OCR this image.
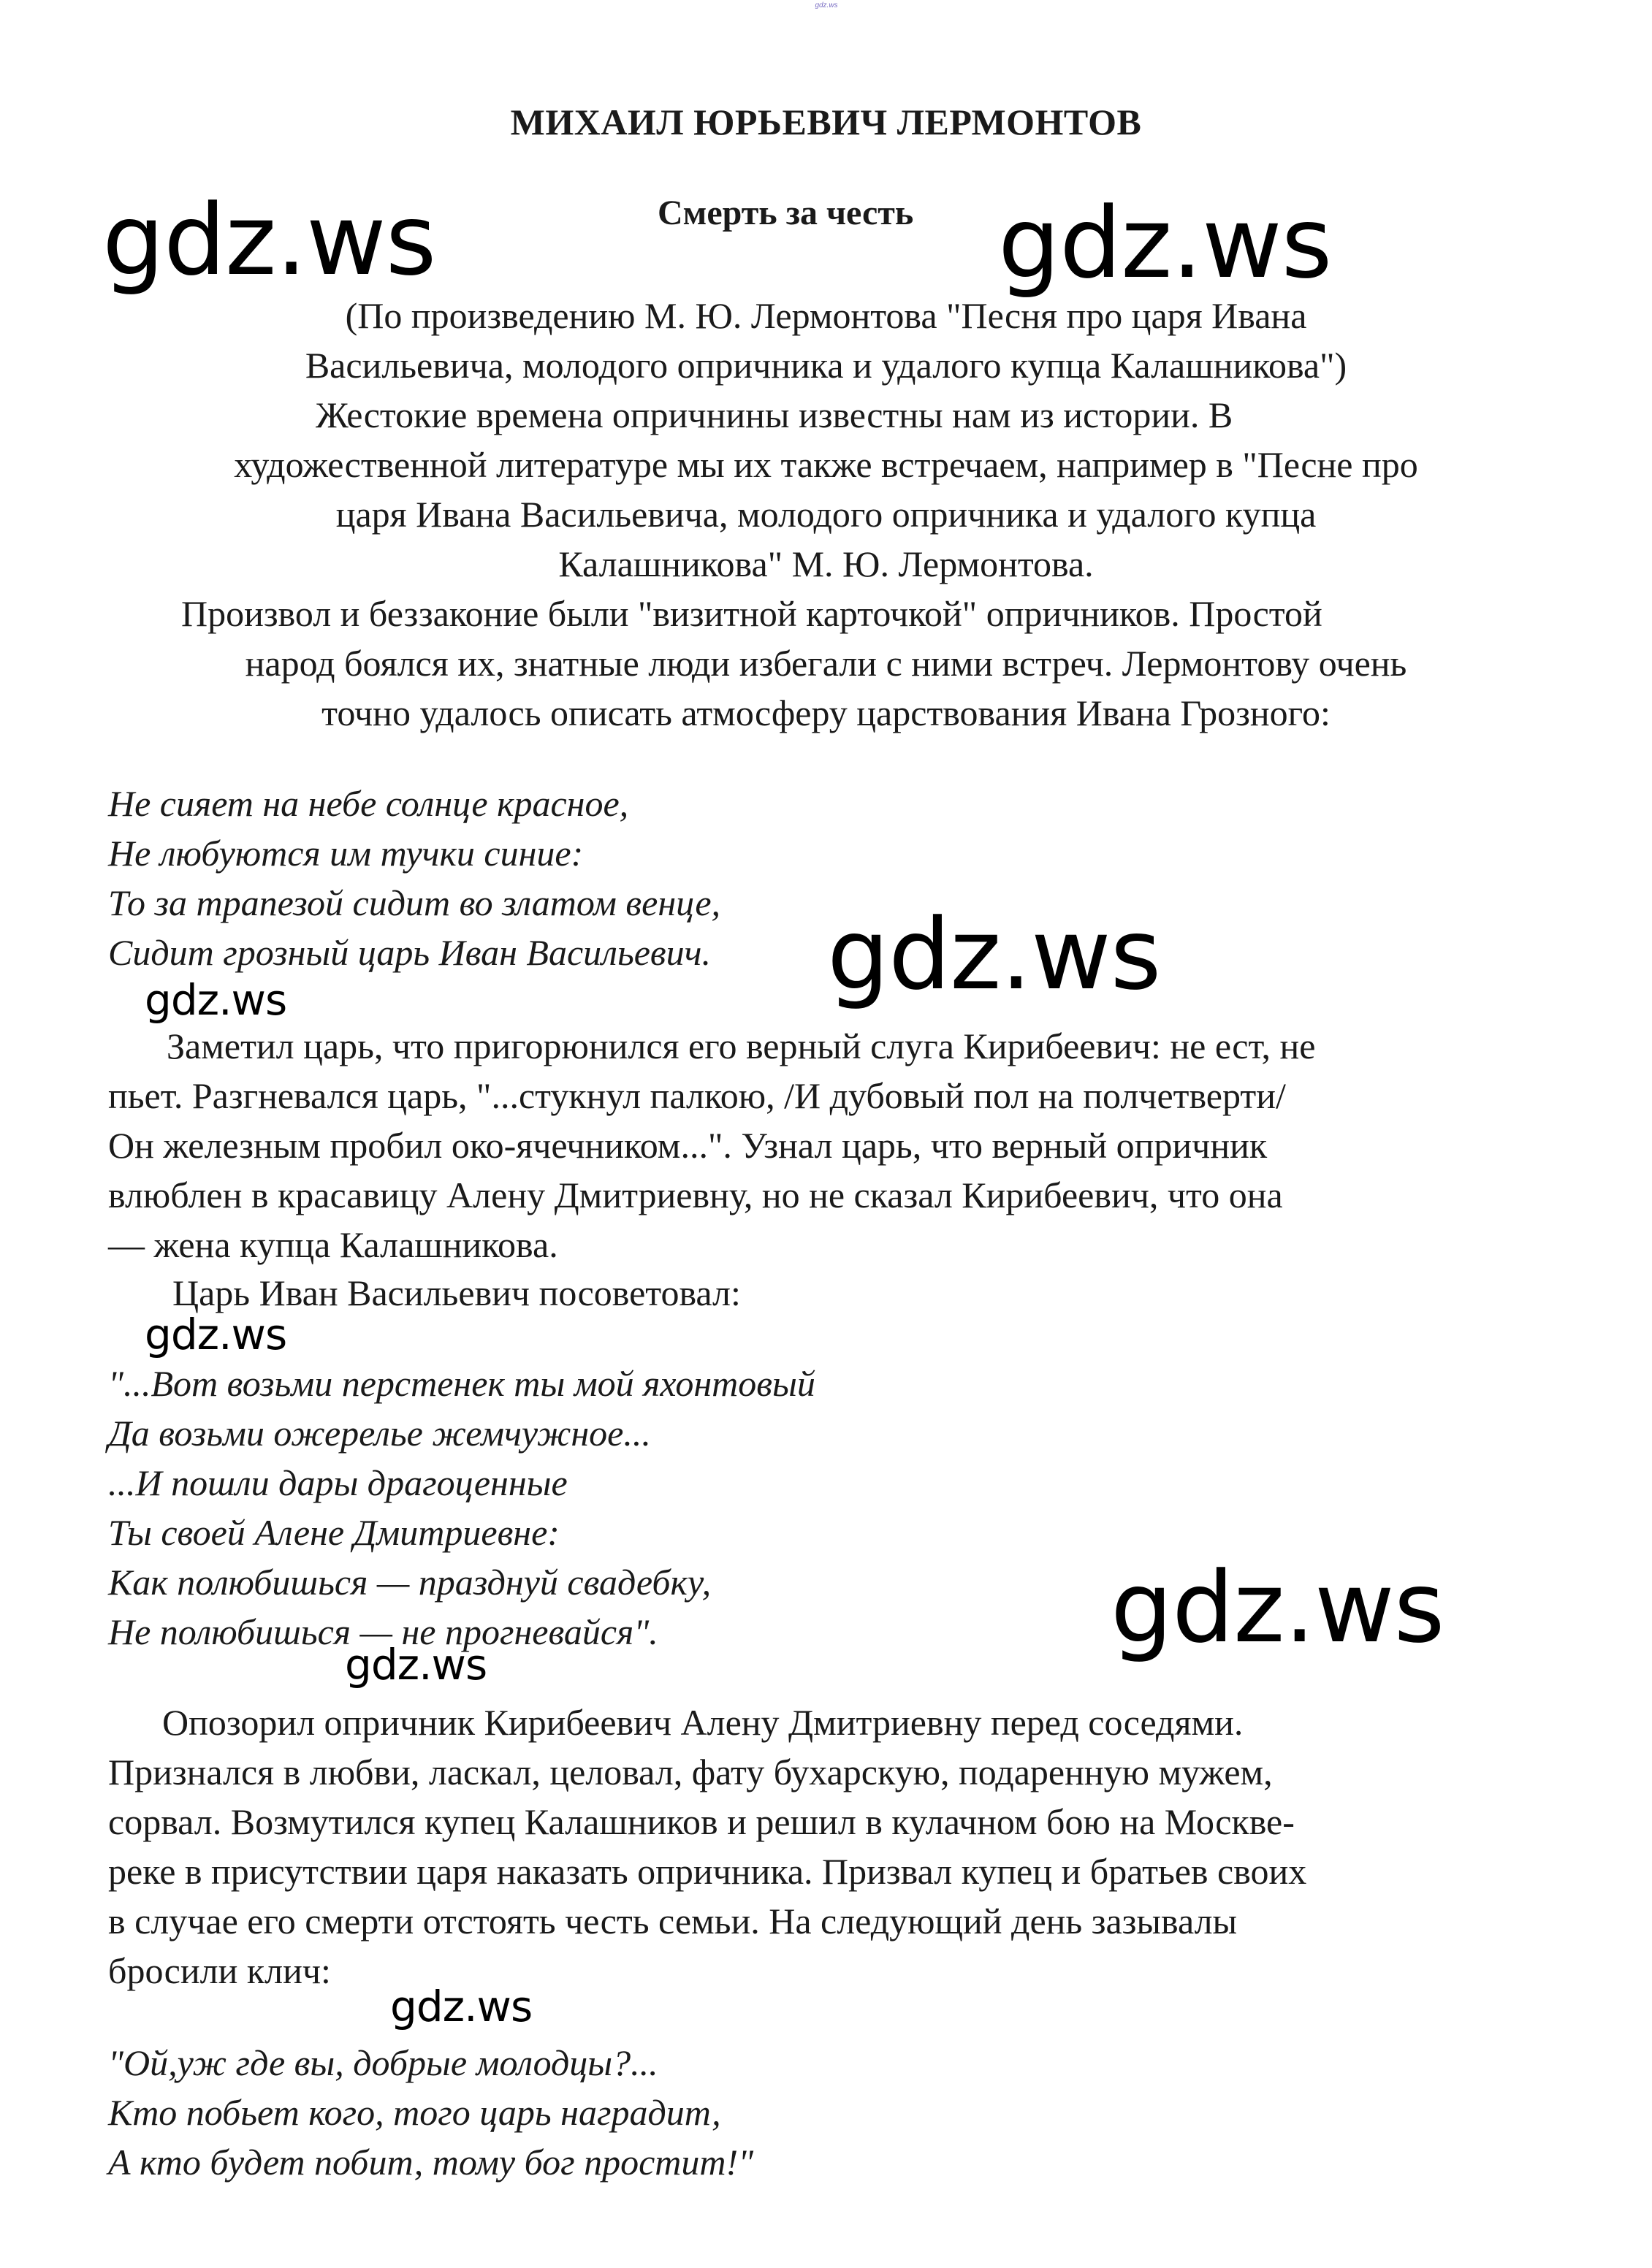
gdz.ws
МИХАИЛ ЮРЬЕВИЧ ЛЕРМОНТОВ
Смерть за честь

(По произведению М. Ю. Лермонтова "Песня про царя Ивана

Васильевича, молодого опричника и удалого купца Калашникова")

Жестокие времена опричнины известны нам из истории. В

художественной литературе мы их также встречаем, например в "Песне про

царя Ивана Васильевича, молодого опричника и удалого купца

Калашникова" М. Ю. Лермонтова.

Произвол и беззаконие были "визитной карточкой" опричников. Простой

народ боялся их, знатные люди избегали с ними встреч. Лермонтову очень

точно удалось описать атмосферу царствования Ивана Грозного:

Не сияет на небе солнце красное,

Не любуются им тучки синие:

То за трапезой сидит во златом венце,

Сидит грозный царь Иван Васильевич.

Заметил царь, что пригорюнился его верный слуга Кирибеевич: не ест, не

пьет. Разгневался царь, "...стукнул палкою, /И дубовый пол на полчетверти/

Он железным пробил око-ячечником...". Узнал царь, что верный опричник

влюблен в красавицу Алену Дмитриевну, но не сказал Кирибеевич, что она

— жена купца Калашникова.

Царь Иван Васильевич посоветовал:

"...Вот возьми перстенек ты мой яхонтовый

Да возьми ожерелье жемчужное...

...И пошли дары драгоценные

Ты своей Алене Дмитриевне:

Как полюбишься — празднуй свадебку,

Не полюбишься — не прогневайся".

Опозорил опричник Кирибеевич Алену Дмитриевну перед соседями.

Признался в любви, ласкал, целовал, фату бухарскую, подаренную мужем,

сорвал. Возмутился купец Калашников и решил в кулачном бою на Москве-

реке в присутствии царя наказать опричника. Призвал купец и братьев своих

в случае его смерти отстоять честь семьи. На следующий день зазывалы

бросили клич:

"Ой,уж где вы, добрые молодцы?...

Кто побьет кого, того царь наградит,

А кто будет побит, тому бог простит!"

gdz.ws	gdz.ws
gdz.ws
gdz.ws
gdz.ws
gdz.ws
gdz.ws
gdz.ws
